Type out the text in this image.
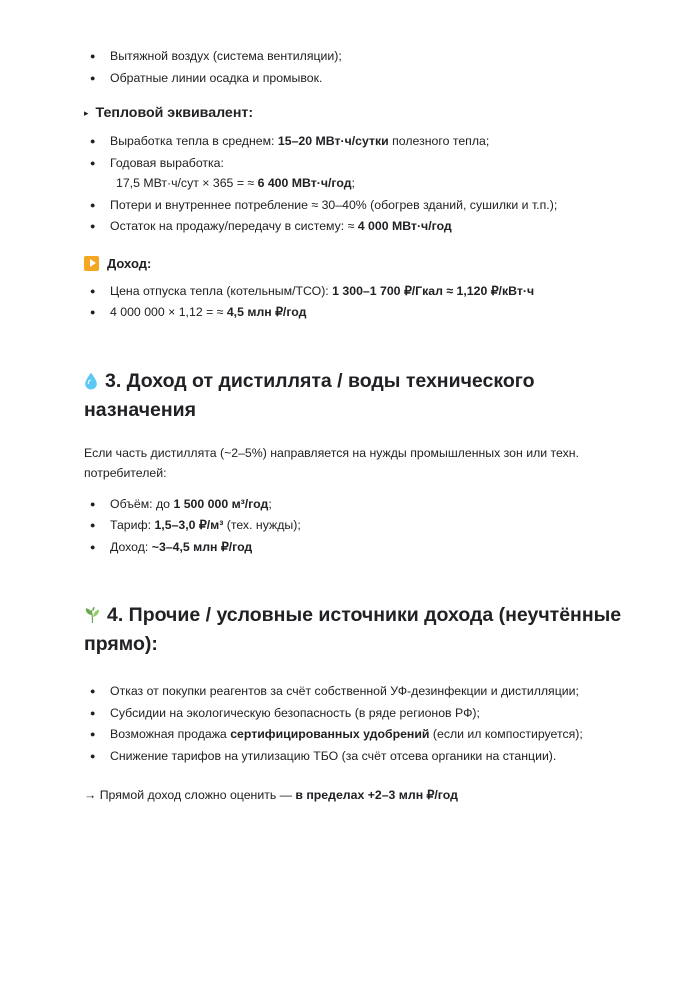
● Вытяжной воздух (система вентиляции);
● Обратные линии осадка и промывок.
▸ Тепловой эквивалент:
● Выработка тепла в среднем: 15–20 МВт·ч/сутки полезного тепла;
● Годовая выработка:
17,5 МВт·ч/сут × 365 = ≈ 6 400 МВт·ч/год;
● Потери и внутреннее потребление ≈ 30–40% (обогрев зданий, сушилки и т.п.);
● Остаток на продажу/передачу в систему: ≈ 4 000 МВт·ч/год
Доход:
● Цена отпуска тепла (котельным/ТСО): 1 300–1 700 ₽/Гкал ≈ 1,120 ₽/кВт·ч
● 4 000 000 × 1,12 = ≈ 4,5 млн ₽/год
3. Доход от дистиллята / воды технического назначения

Если часть дистиллята (~2–5%) направляется на нужды промышленных зон или техн. потребителей:

● Объём: до 1 500 000 м³/год;
● Тариф: 1,5–3,0 ₽/м³ (тех. нужды);
● Доход: ~3–4,5 млн ₽/год
4. Прочие / условные источники дохода (неучтённые прямо):
● Отказ от покупки реагентов за счёт собственной УФ-дезинфекции и дистилляции;
● Субсидии на экологическую безопасность (в ряде регионов РФ);
● Возможная продажа сертифицированных удобрений (если ил компостируется);
● Снижение тарифов на утилизацию ТБО (за счёт отсева органики на станции).

→ Прямой доход сложно оценить — в пределах +2–3 млн ₽/год
